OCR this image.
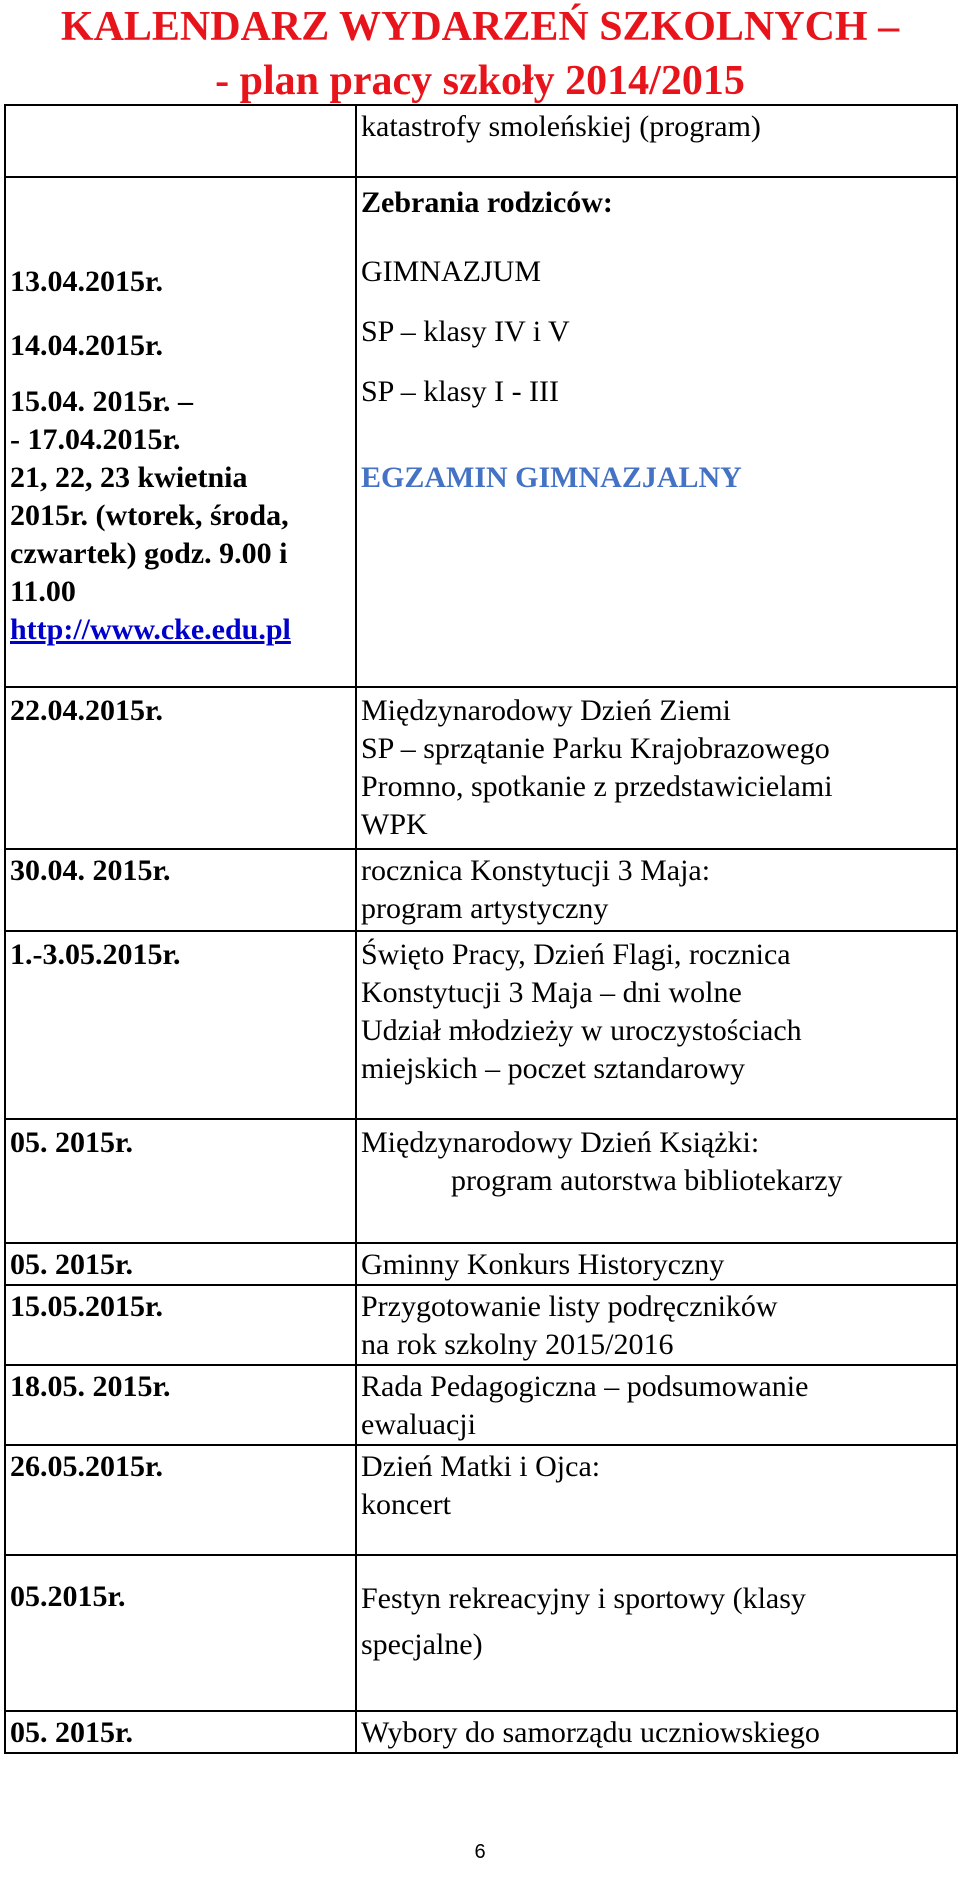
KALENDARZ WYDARZEŃ SZKOLNYCH –
- plan pracy szkoły 2014/2015

	katastrofy smoleńskiej (program)

	Zebrania rodziców:

13.04.2015r.	GIMNAZJUM

14.04.2015r.	SP – klasy IV i V

15.04. 2015r. –
- 17.04.2015r.	SP – klasy I - III

21, 22, 23 kwietnia
2015r. (wtorek, środa,
czwartek) godz. 9.00 i
11.00
http://www.cke.edu.pl	EGZAMIN GIMNAZJALNY

22.04.2015r.	Międzynarodowy Dzień Ziemi
SP – sprzątanie Parku Krajobrazowego
Promno, spotkanie z przedstawicielami
WPK

30.04. 2015r.	rocznica Konstytucji 3 Maja:
program artystyczny

1.-3.05.2015r.	Święto Pracy, Dzień Flagi, rocznica
Konstytucji 3 Maja – dni wolne
Udział młodzieży w uroczystościach
miejskich – poczet sztandarowy

05. 2015r.	Międzynarodowy Dzień Książki:
program autorstwa bibliotekarzy

05. 2015r.	Gminny Konkurs Historyczny

15.05.2015r.	Przygotowanie listy podręczników
na rok szkolny 2015/2016

18.05. 2015r.	Rada Pedagogiczna – podsumowanie
ewaluacji

26.05.2015r.	Dzień Matki i Ojca:
koncert

05.2015r.	Festyn rekreacyjny i sportowy (klasy
specjalne)

05. 2015r.	Wybory do samorządu uczniowskiego
6
